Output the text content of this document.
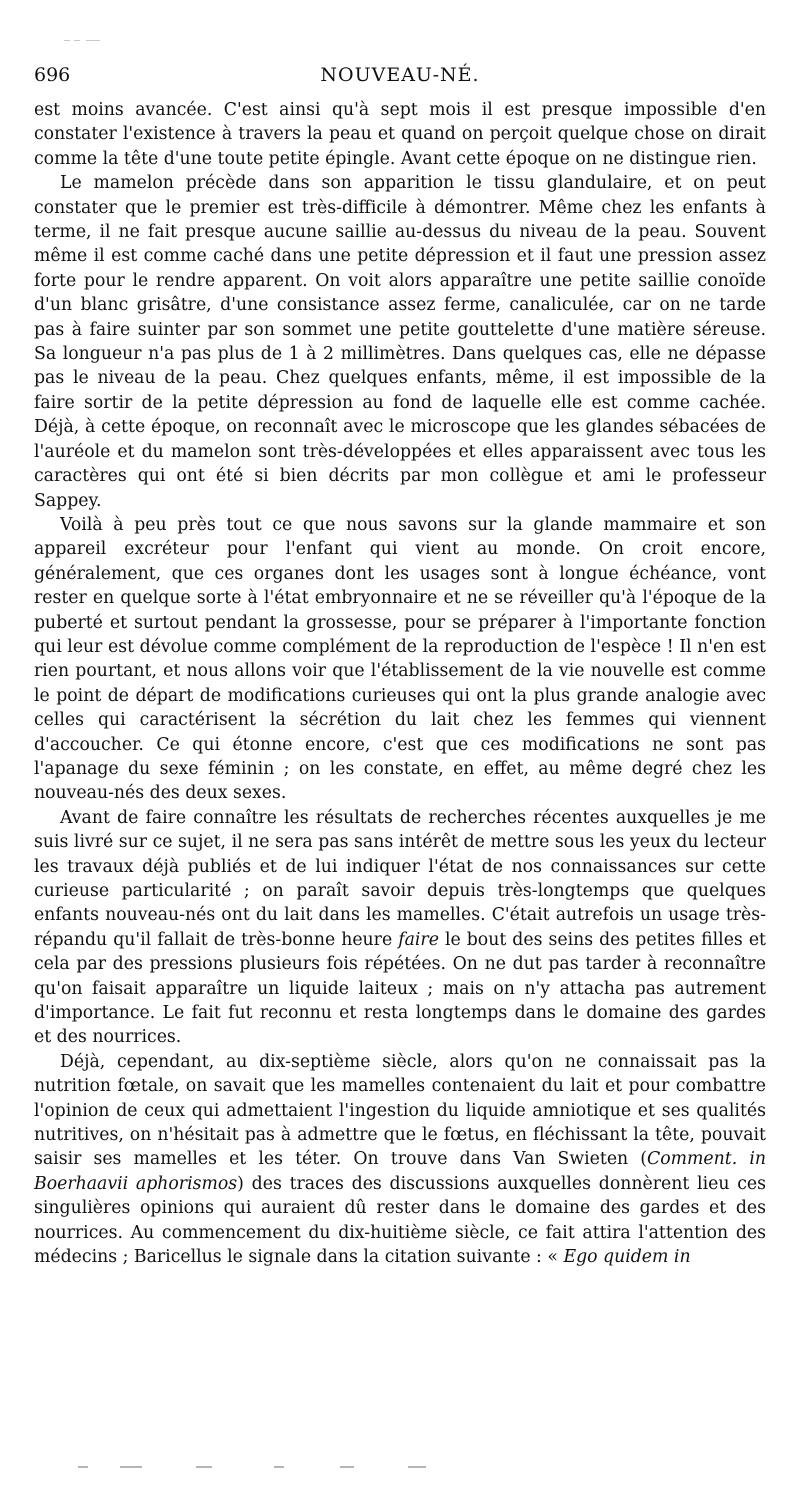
696	NOUVEAU-NÉ.

est moins avancée. C'est ainsi qu'à sept mois il est presque impossible d'en constater l'existence à travers la peau et quand on perçoit quelque chose on dirait comme la tête d'une toute petite épingle. Avant cette époque on ne distingue rien.

Le mamelon précède dans son apparition le tissu glandulaire, et on peut constater que le premier est très-difficile à démontrer. Même chez les enfants à terme, il ne fait presque aucune saillie au-dessus du niveau de la peau. Souvent même il est comme caché dans une petite dépression et il faut une pression assez forte pour le rendre apparent. On voit alors apparaître une petite saillie conoïde d'un blanc grisâtre, d'une consistance assez ferme, canaliculée, car on ne tarde pas à faire suinter par son sommet une petite gouttelette d'une matière séreuse. Sa longueur n'a pas plus de 1 à 2 millimètres. Dans quelques cas, elle ne dépasse pas le niveau de la peau. Chez quelques enfants, même, il est impossible de la faire sortir de la petite dépression au fond de laquelle elle est comme cachée. Déjà, à cette époque, on reconnaît avec le microscope que les glandes sébacées de l'auréole et du mamelon sont très-développées et elles apparaissent avec tous les caractères qui ont été si bien décrits par mon collègue et ami le professeur Sappey.

Voilà à peu près tout ce que nous savons sur la glande mammaire et son appareil excréteur pour l'enfant qui vient au monde. On croit encore, généralement, que ces organes dont les usages sont à longue échéance, vont rester en quelque sorte à l'état embryonnaire et ne se réveiller qu'à l'époque de la puberté et surtout pendant la grossesse, pour se préparer à l'importante fonction qui leur est dévolue comme complément de la reproduction de l'espèce ! Il n'en est rien pourtant, et nous allons voir que l'établissement de la vie nouvelle est comme le point de départ de modifications curieuses qui ont la plus grande analogie avec celles qui caractérisent la sécrétion du lait chez les femmes qui viennent d'accoucher. Ce qui étonne encore, c'est que ces modifications ne sont pas l'apanage du sexe féminin ; on les constate, en effet, au même degré chez les nouveau-nés des deux sexes.

Avant de faire connaître les résultats de recherches récentes auxquelles je me suis livré sur ce sujet, il ne sera pas sans intérêt de mettre sous les yeux du lecteur les travaux déjà publiés et de lui indiquer l'état de nos connaissances sur cette curieuse particularité ; on paraît savoir depuis très-longtemps que quelques enfants nouveau-nés ont du lait dans les mamelles. C'était autrefois un usage très-répandu qu'il fallait de très-bonne heure faire le bout des seins des petites filles et cela par des pressions plusieurs fois répétées. On ne dut pas tarder à reconnaître qu'on faisait apparaître un liquide laiteux ; mais on n'y attacha pas autrement d'importance. Le fait fut reconnu et resta longtemps dans le domaine des gardes et des nourrices.

Déjà, cependant, au dix-septième siècle, alors qu'on ne connaissait pas la nutrition fœtale, on savait que les mamelles contenaient du lait et pour combattre l'opinion de ceux qui admettaient l'ingestion du liquide amniotique et ses qualités nutritives, on n'hésitait pas à admettre que le fœtus, en fléchissant la tête, pouvait saisir ses mamelles et les téter. On trouve dans Van Swieten (Comment. in Boerhaavii aphorismos) des traces des discussions auxquelles donnèrent lieu ces singulières opinions qui auraient dû rester dans le domaine des gardes et des nourrices. Au commencement du dix-huitième siècle, ce fait attira l'attention des médecins ; Baricellus le signale dans la citation suivante : « Ego quidem in
